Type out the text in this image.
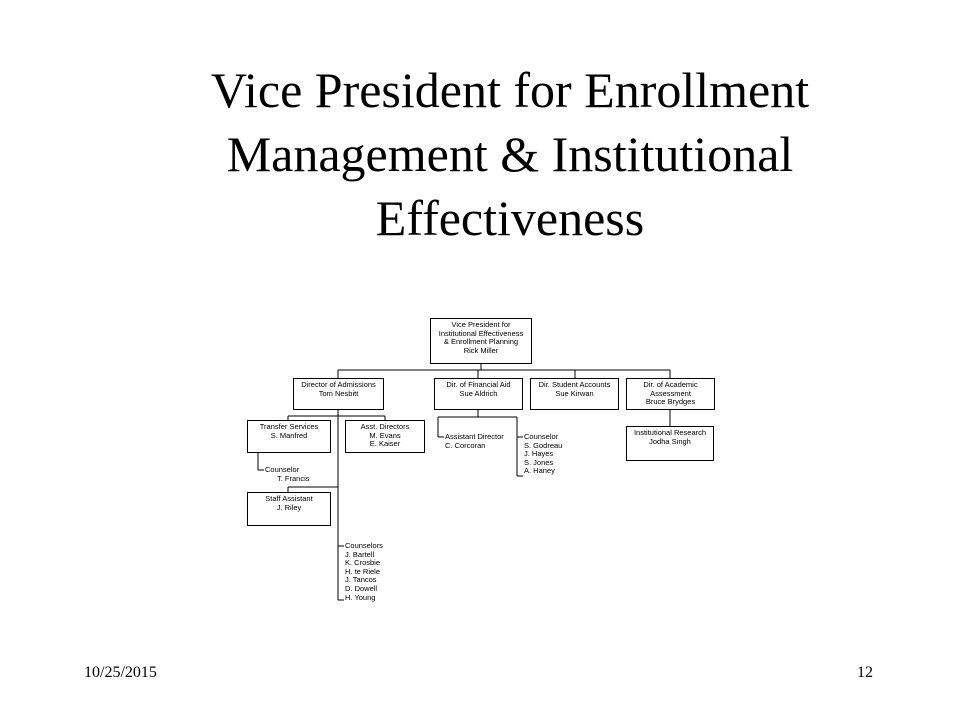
Vice President for Enrollment
Management & Institutional
Effectiveness
Vice President for
Institutional Effectiveness
& Enrollment Planning
Rick Miller
Director of Admissions
Tom Nesbitt
Dir. of Financial Aid
Sue Aldrich
Dir. Student Accounts
Sue Kirwan
Dir. of Academic
Assessment
Bruce Brydges
Transfer Services
S. Manfred
Asst. Directors
M. Evans
E. Kaiser
Staff Assistant
J. Riley
Institutional Research
Jodha Singh
Counselor
T. Francis
Counselors
J. Bartell
K. Crosbie
H. te Riele
J. Tancos
D. Dowell
H. Young
Assistant Director
C. Corcoran
Counselor
S. Godreau
J. Hayes
S. Jones
A. Haney
10/25/2015	12
